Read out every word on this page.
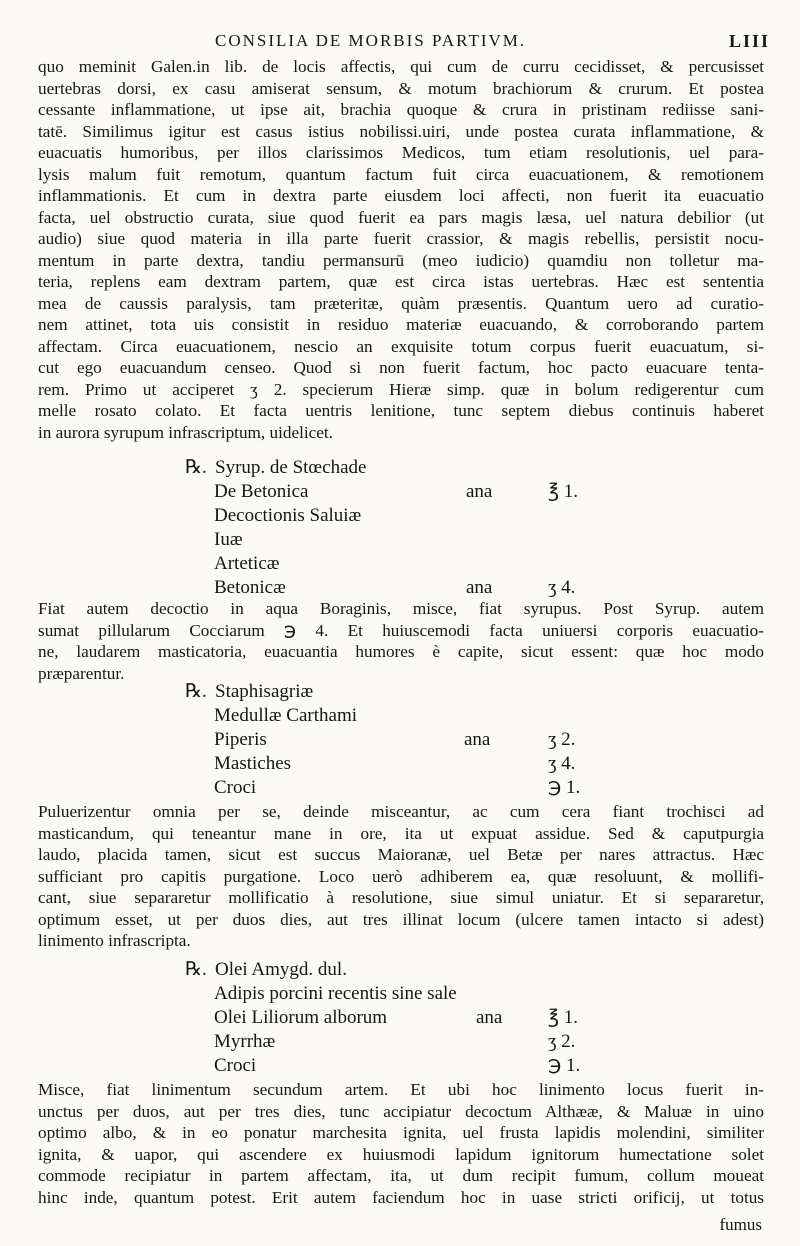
CONSILIA DE MORBIS PARTIVM.	LIII
quo meminit Galen.in lib. de locis affectis, qui cum de curru cecidisset, & percusisset
uertebras dorsi, ex casu amiserat sensum, & motum brachiorum & crurum. Et postea
cessante inflammatione, ut ipse ait, brachia quoque & crura in pristinam rediisse sani-
tatē. Similimus igitur est casus istius nobilissi.uiri, unde postea curata inflammatione, &
euacuatis humoribus, per illos clarissimos Medicos, tum etiam resolutionis, uel para-
lysis malum fuit remotum, quantum factum fuit circa euacuationem, & remotionem
inflammationis. Et cum in dextra parte eiusdem loci affecti, non fuerit ita euacuatio
facta, uel obstructio curata, siue quod fuerit ea pars magis læsa, uel natura debilior (ut
audio) siue quod materia in illa parte fuerit crassior, & magis rebellis, persistit nocu-
mentum in parte dextra, tandiu permansurū (meo iudicio) quamdiu non tolletur ma-
teria, replens eam dextram partem, quæ est circa istas uertebras. Hæc est sententia
mea de caussis paralysis, tam præteritæ, quàm præsentis. Quantum uero ad curatio-
nem attinet, tota uis consistit in residuo materiæ euacuando, & corroborando partem
affectam. Circa euacuationem, nescio an exquisite totum corpus fuerit euacuatum, si-
cut ego euacuandum censeo. Quod si non fuerit factum, hoc pacto euacuare tenta-
rem. Primo ut acciperet ʒ 2. specierum Hieræ simp. quæ in bolum redigerentur cum
melle rosato colato. Et facta uentris lenitione, tunc septem diebus continuis haberet
in aurora syrupum infrascriptum, uidelicet.
℞. Syrup. de Stœchade
De Betonica	ana	℥ 1.
Decoctionis Saluiæ
Iuæ
Arteticæ
Betonicæ	ana	ʒ 4.
Fiat autem decoctio in aqua Boraginis, misce, fiat syrupus. Post Syrup. autem
sumat pillularum Cocciarum ℈ 4. Et huiuscemodi facta uniuersi corporis euacuatio-
ne, laudarem masticatoria, euacuantia humores è capite, sicut essent: quæ hoc modo
præparentur.
℞. Staphisagriæ
Medullæ Carthami
Piperis	ana	ʒ 2.
Mastiches	ʒ 4.
Croci	℈ 1.
Puluerizentur omnia per se, deinde misceantur, ac cum cera fiant trochisci ad
masticandum, qui teneantur mane in ore, ita ut expuat assidue. Sed & caputpurgia
laudo, placida tamen, sicut est succus Maioranæ, uel Betæ per nares attractus. Hæc
sufficiant pro capitis purgatione. Loco uerò adhiberem ea, quæ resoluunt, & mollifi-
cant, siue separaretur mollificatio à resolutione, siue simul uniatur. Et si separaretur,
optimum esset, ut per duos dies, aut tres illinat locum (ulcere tamen intacto si adest)
linimento infrascripta.
℞. Olei Amygd. dul.
Adipis porcini recentis sine sale
Olei Liliorum alborum	ana ℥ 1.
Myrrhæ	ʒ 2.
Croci	℈ 1.
Misce, fiat linimentum secundum artem. Et ubi hoc linimento locus fuerit in-
unctus per duos, aut per tres dies, tunc accipiatur decoctum Althææ, & Maluæ in uino
optimo albo, & in eo ponatur marchesita ignita, uel frusta lapidis molendini, similiter
ignita, & uapor, qui ascendere ex huiusmodi lapidum ignitorum humectatione solet
commode recipiatur in partem affectam, ita, ut dum recipit fumum, collum moueat
hinc inde, quantum potest. Erit autem faciendum hoc in uase stricti orificij, ut totus
fumus
